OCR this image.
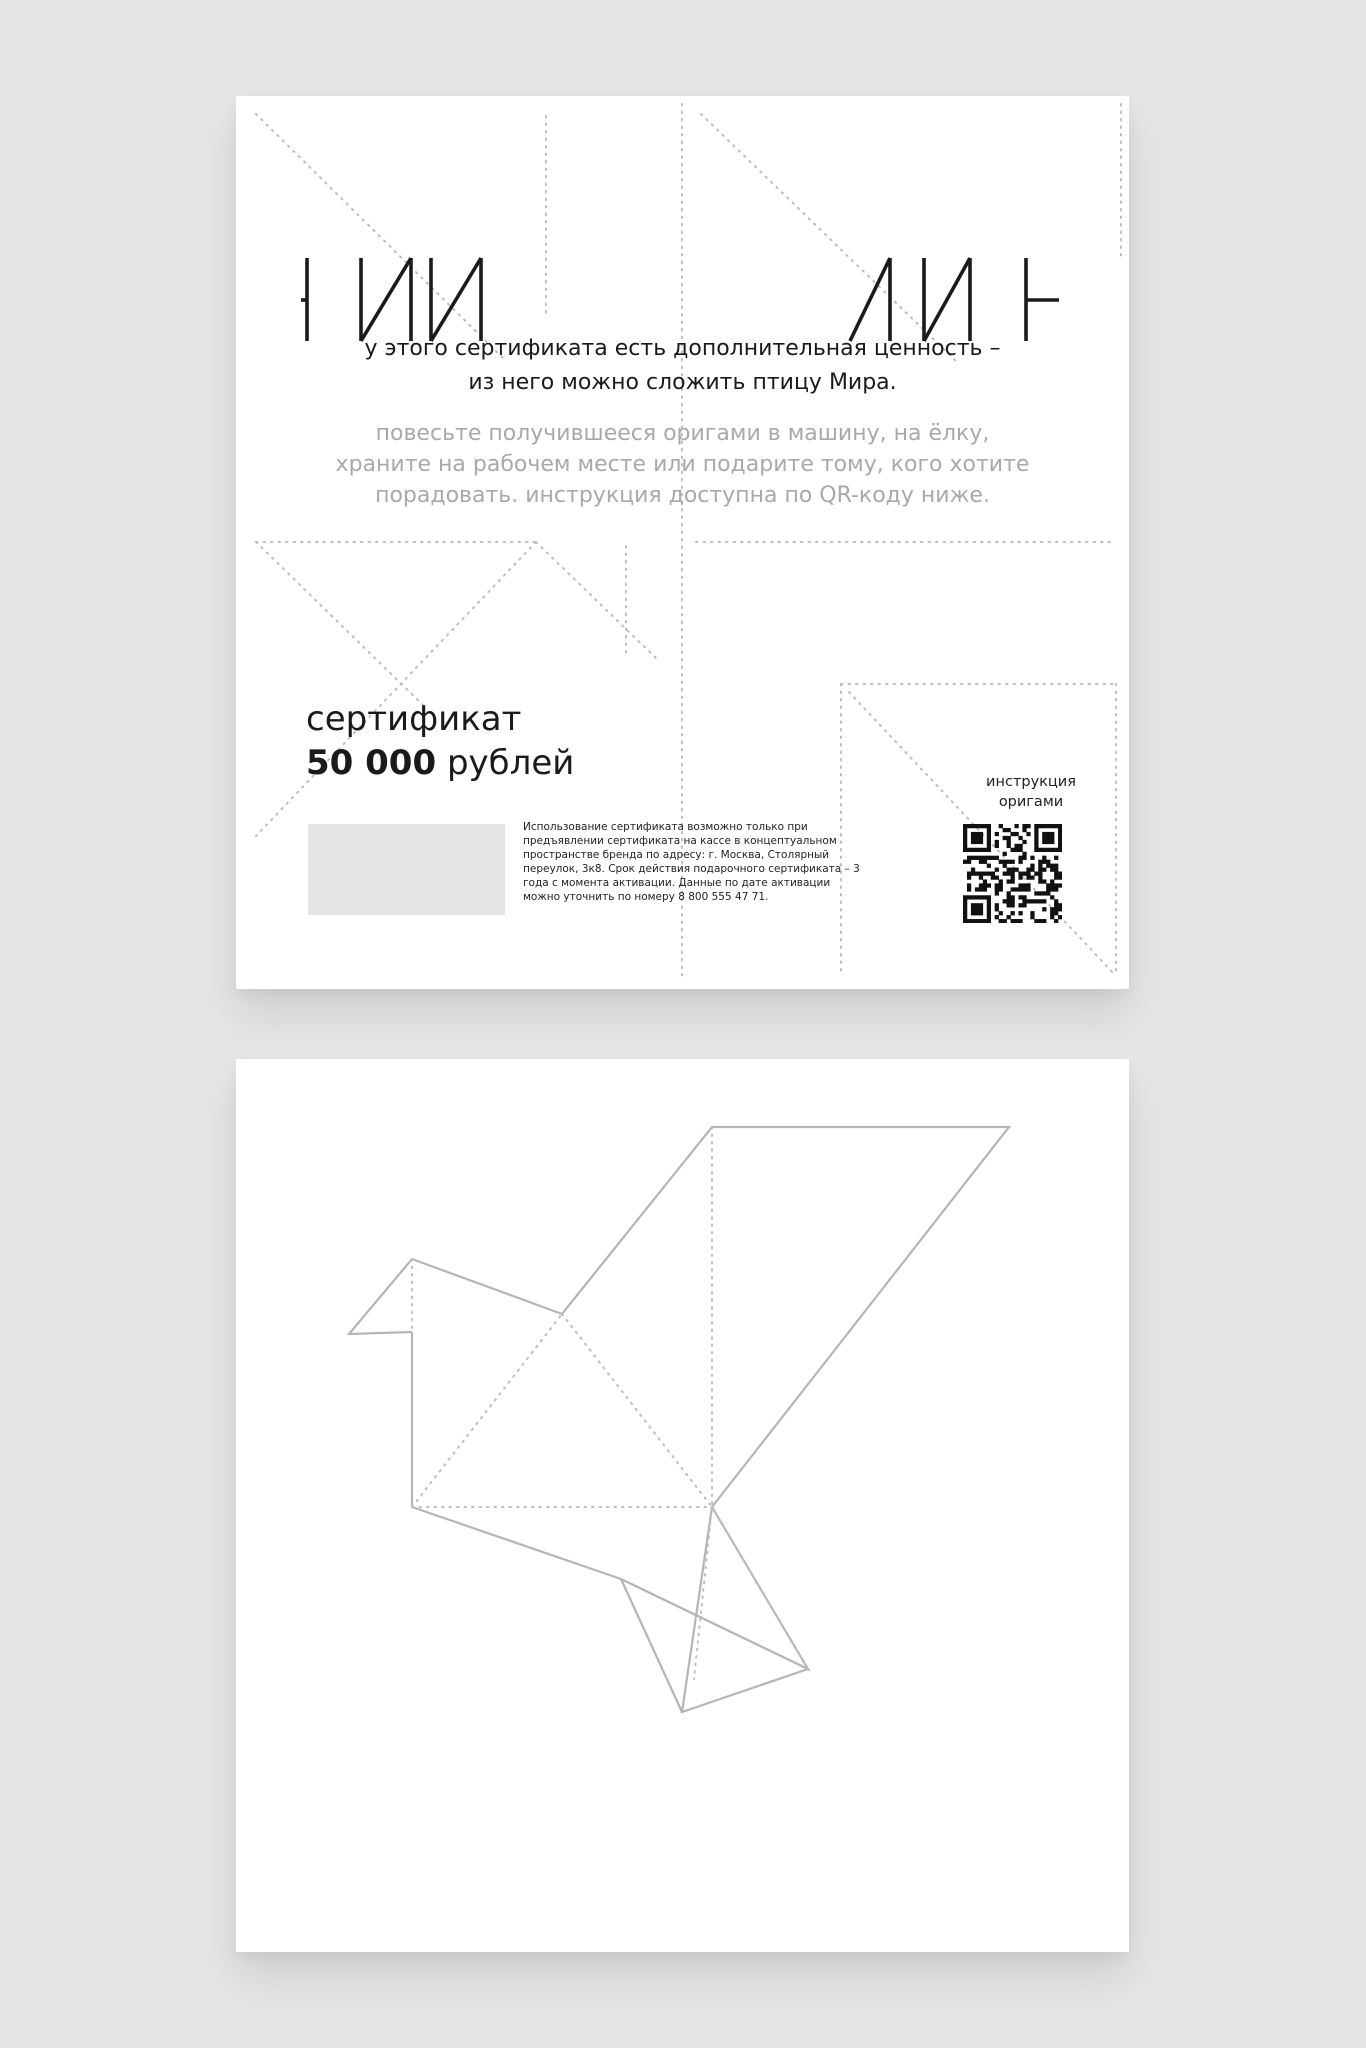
у этого сертификата есть дополнительная ценность –
из него можно сложить птицу Мира.
повесьте получившееся оригами в машину, на ёлку,
храните на рабочем месте или подарите тому, кого хотите
порадовать. инструкция доступна по QR-коду ниже.
сертификат
50 000 рублей
Использование сертификата возможно только при предъявлении сертификата на кассе в концептуальном пространстве бренда по адресу: г. Москва, Столярный переулок, 3к8. Срок действия подарочного сертификата – 3 года с момента активации. Данные по дате активации можно уточнить по номеру 8 800 555 47 71.
инструкция
оригами
